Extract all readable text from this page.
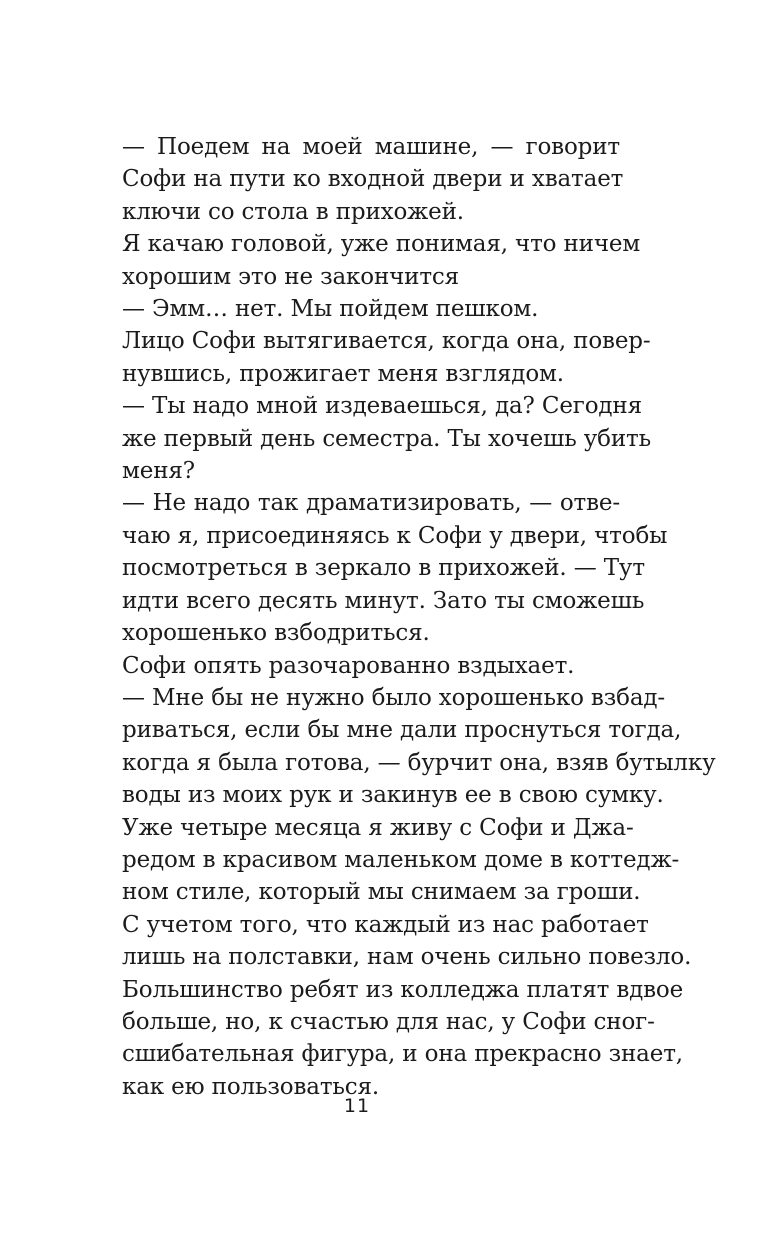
— Поедем на моей машине, — говорит
Софи на пути ко входной двери и хватает
ключи со стола в прихожей.
Я качаю головой, уже понимая, что ничем
хорошим это не закончится
— Эмм… нет. Мы пойдем пешком.
Лицо Софи вытягивается, когда она, повер-
нувшись, прожигает меня взглядом.
— Ты надо мной издеваешься, да? Сегодня
же первый день семестра. Ты хочешь убить
меня?
— Не надо так драматизировать, — отве-
чаю я, присоединяясь к Софи у двери, чтобы
посмотреться в зеркало в прихожей. — Тут
идти всего десять минут. Зато ты сможешь
хорошенько взбодриться.
Софи опять разочарованно вздыхает.
— Мне бы не нужно было хорошенько взбад-
риваться, если бы мне дали проснуться тогда,
когда я была готова, — бурчит она, взяв бутылку
воды из моих рук и закинув ее в свою сумку.
Уже четыре месяца я живу с Софи и Джа-
редом в красивом маленьком доме в коттедж-
ном стиле, который мы снимаем за гроши.
С учетом того, что каждый из нас работает
лишь на полставки, нам очень сильно повезло.
Большинство ребят из колледжа платят вдвое
больше, но, к счастью для нас, у Софи сног-
сшибательная фигура, и она прекрасно знает,
как ею пользоваться.
11
